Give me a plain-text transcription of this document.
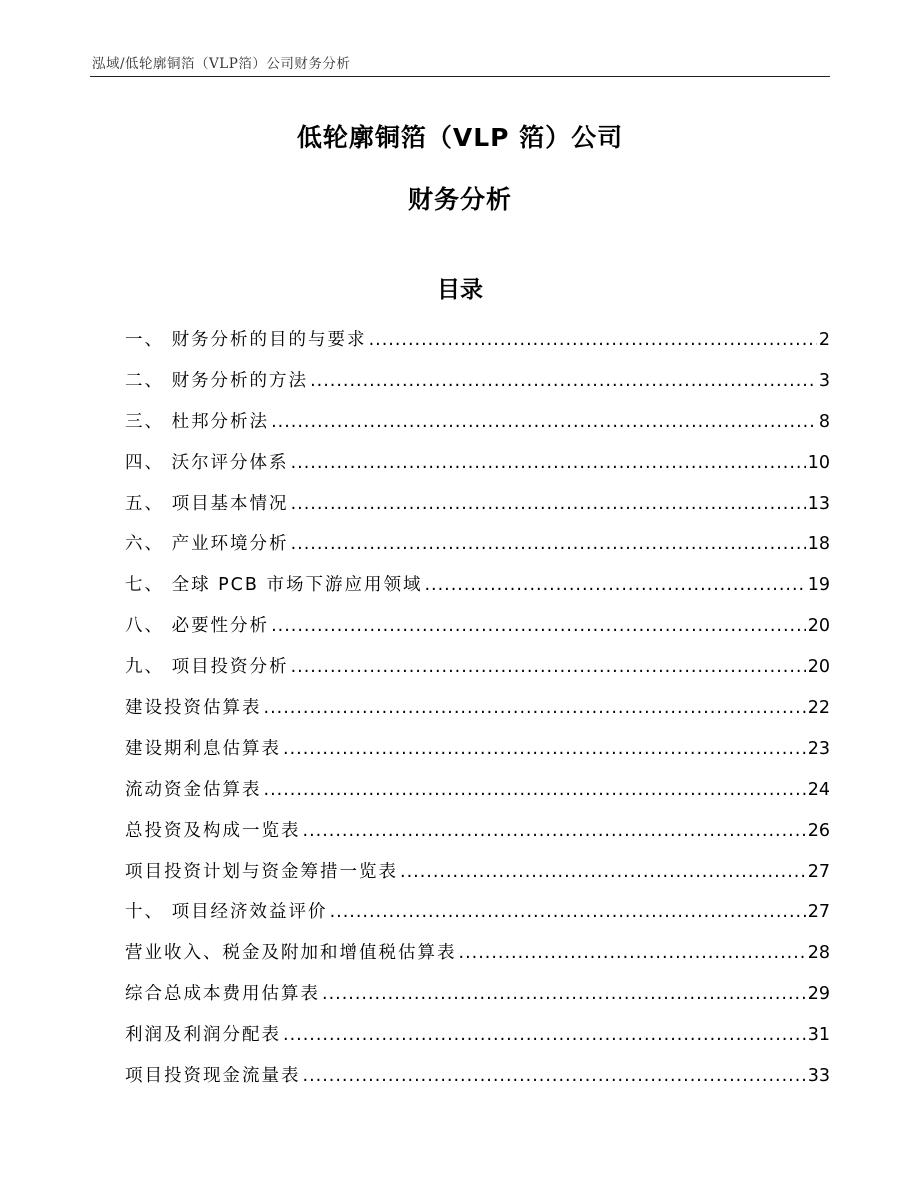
泓域/低轮廓铜箔（VLP箔）公司财务分析
低轮廓铜箔（VLP 箔）公司
财务分析
目录
一、 财务分析的目的与要求 .....	2
二、 财务分析的方法 .....	3
三、 杜邦分析法 .....	8
四、 沃尔评分体系 .....	10
五、 项目基本情况 .....	13
六、 产业环境分析 .....	18
七、 全球 PCB 市场下游应用领域 .....	19
八、 必要性分析 .....	20
九、 项目投资分析 .....	20
建设投资估算表 .....	22
建设期利息估算表 .....	23
流动资金估算表 .....	24
总投资及构成一览表 .....	26
项目投资计划与资金筹措一览表 .....	27
十、 项目经济效益评价 .....	27
营业收入、税金及附加和增值税估算表 .....	28
综合总成本费用估算表 .....	29
利润及利润分配表 .....	31
项目投资现金流量表 .....	33
